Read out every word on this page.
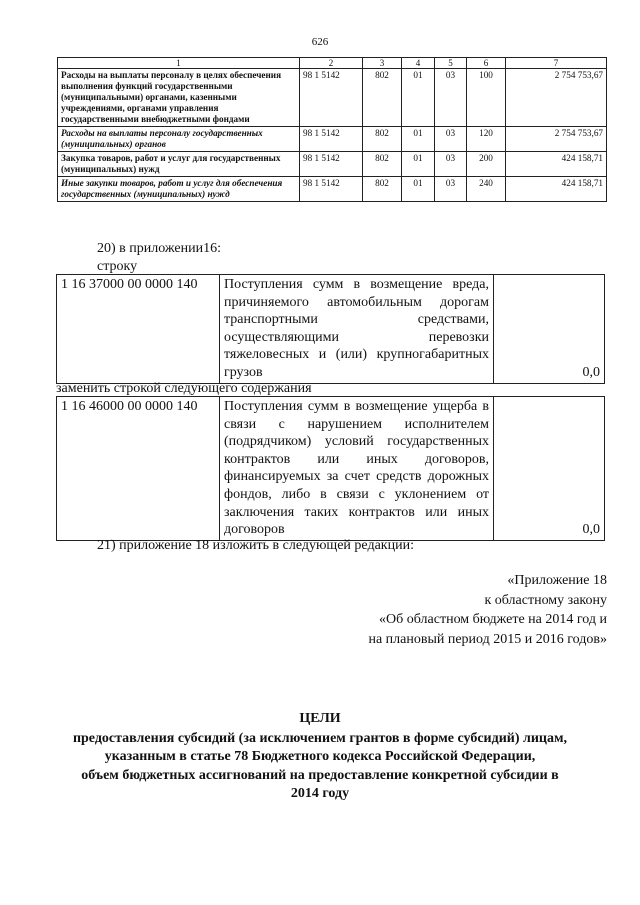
626
1	2	3	4	5	6	7
Расходы на выплаты персоналу в целях обеспечения выполнения функций государственными (муниципальными) органами, казенными учреждениями, органами управления государственными внебюджетными фондами	98 1 5142	802	01	03	100	2 754 753,67
Расходы на выплаты персоналу государственных (муниципальных) органов	98 1 5142	802	01	03	120	2 754 753,67
Закупка товаров, работ и услуг для государственных (муниципальных) нужд	98 1 5142	802	01	03	200	424 158,71
Иные закупки товаров, работ и услуг для обеспечения государственных (муниципальных) нужд	98 1 5142	802	01	03	240	424 158,71
20) в приложении16:
строку
1 16 37000 00 0000 140	Поступления сумм в возмещение вреда, причиняемого автомобильным дорогам транспортными средствами, осуществляющими перевозки тяжеловесных и (или) крупногабаритных грузов	0,0
заменить строкой следующего содержания
1 16 46000 00 0000 140	Поступления сумм в возмещение ущерба в связи с нарушением исполнителем (подрядчиком) условий государственных контрактов или иных договоров, финансируемых за счет средств дорожных фондов, либо в связи с уклонением от заключения таких контрактов или иных договоров	0,0
21) приложение 18 изложить в следующей редакции:
«Приложение 18
к областному закону
«Об областном бюджете на 2014 год и
на плановый период 2015 и 2016 годов»
ЦЕЛИ
предоставления субсидий (за исключением грантов в форме субсидий) лицам,
указанным в статье 78 Бюджетного кодекса Российской Федерации,
объем бюджетных ассигнований на предоставление конкретной субсидии в
2014 году
